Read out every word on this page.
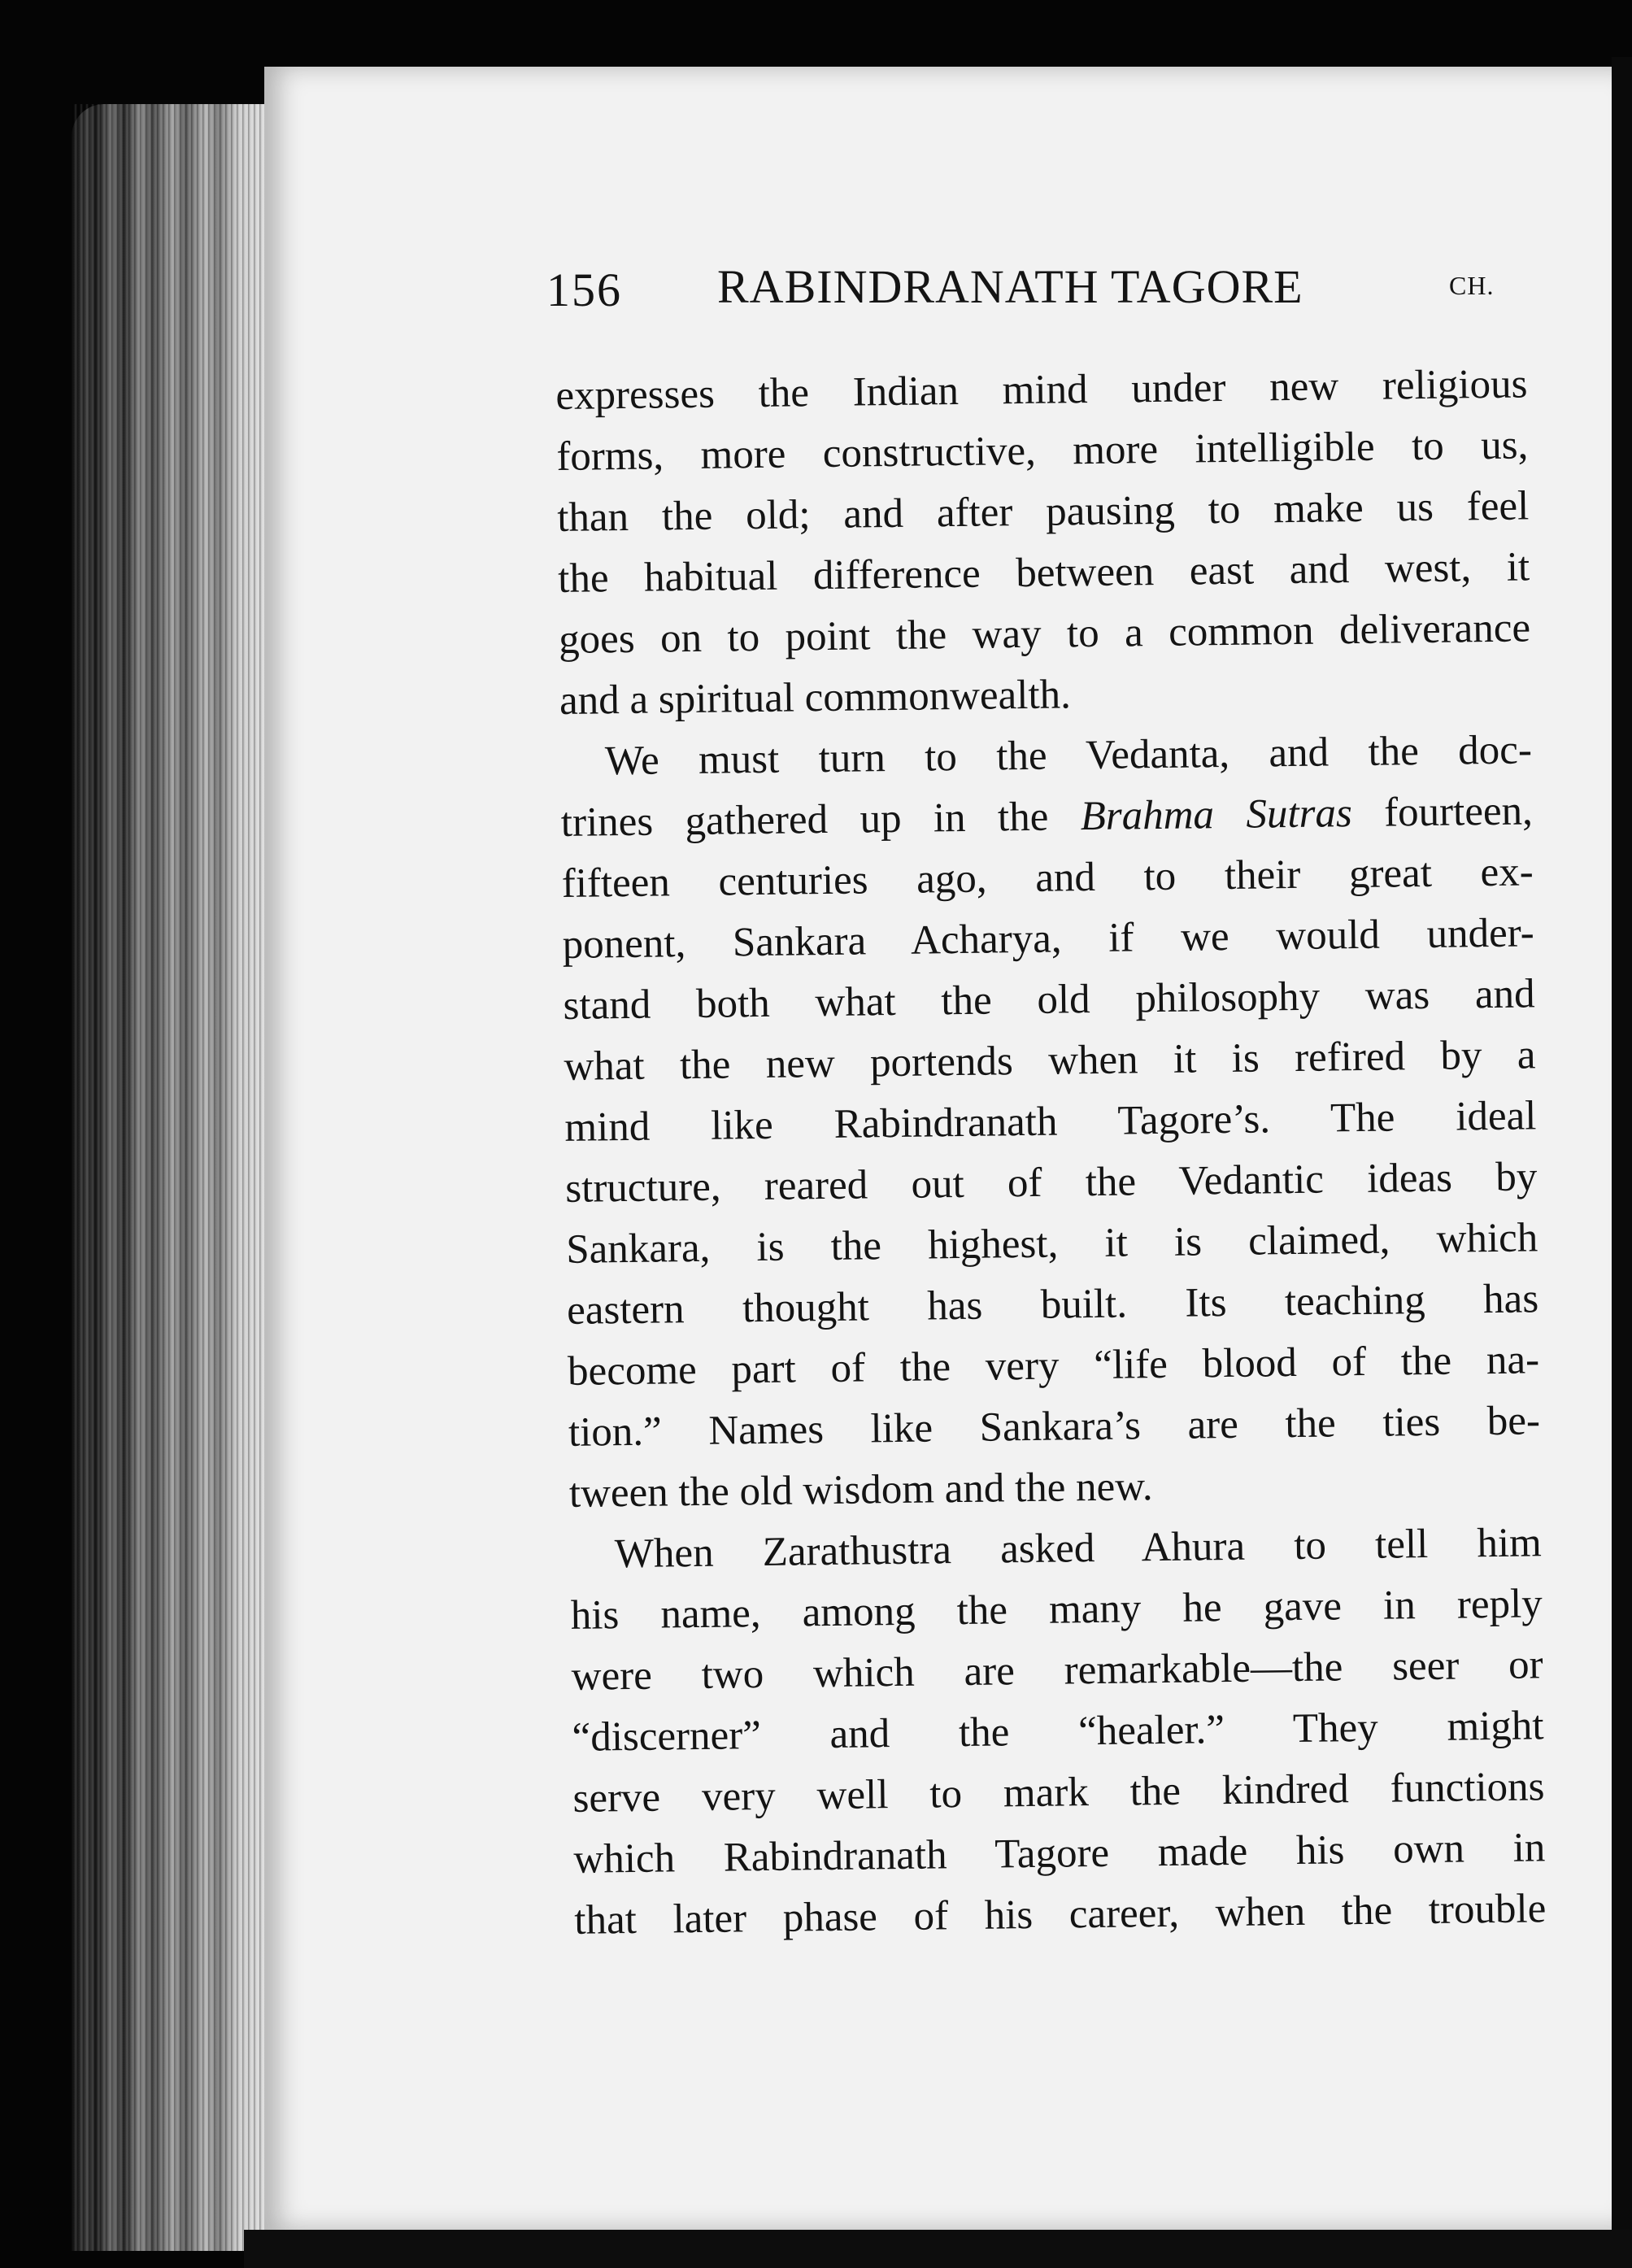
156 RABINDRANATH TAGORE	CH.
expresses the Indian mind under new religious
forms, more constructive, more intelligible to us,
than the old; and after pausing to make us feel
the habitual difference between east and west, it
goes on to point the way to a common deliverance
and a spiritual commonwealth.
We must turn to the Vedanta, and the doc-
trines gathered up in the Brahma Sutras fourteen,
fifteen centuries ago, and to their great ex-
ponent, Sankara Acharya, if we would under-
stand both what the old philosophy was and
what the new portends when it is refired by a
mind like Rabindranath Tagore’s. The ideal
structure, reared out of the Vedantic ideas by
Sankara, is the highest, it is claimed, which
eastern thought has built. Its teaching has
become part of the very “life blood of the na-
tion.” Names like Sankara’s are the ties be-
tween the old wisdom and the new.
When Zarathustra asked Ahura to tell him
his name, among the many he gave in reply
were two which are remarkable—the seer or
“discerner” and the “healer.” They might
serve very well to mark the kindred functions
which Rabindranath Tagore made his own in
that later phase of his career, when the trouble
